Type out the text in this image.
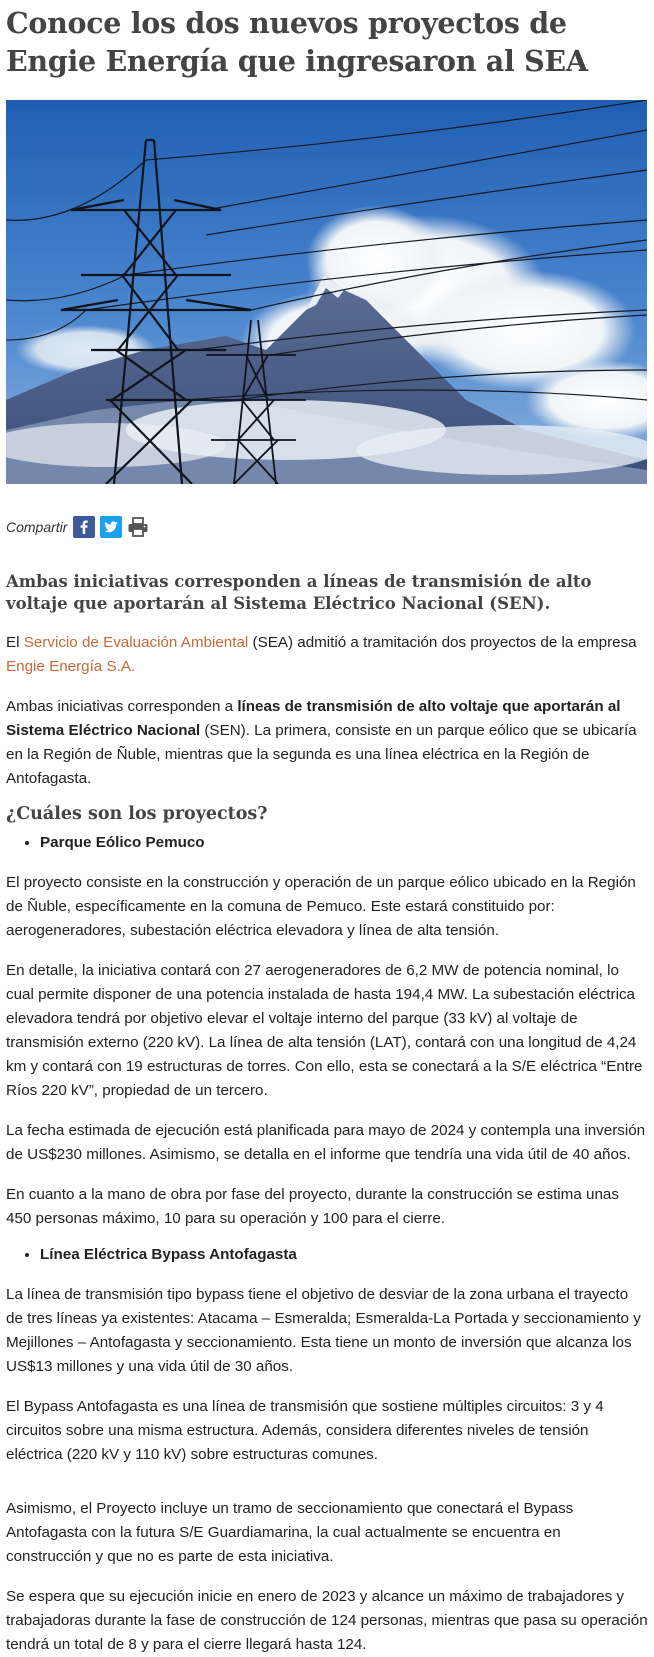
Conoce los dos nuevos proyectos de Engie Energía que ingresaron al SEA
Compartir
Ambas iniciativas corresponden a líneas de transmisión de alto voltaje que aportarán al Sistema Eléctrico Nacional (SEN).

El Servicio de Evaluación Ambiental (SEA) admitió a tramitación dos proyectos de la empresa Engie Energía S.A.

Ambas iniciativas corresponden a líneas de transmisión de alto voltaje que aportarán al Sistema Eléctrico Nacional (SEN). La primera, consiste en un parque eólico que se ubicaría en la Región de Ñuble, mientras que la segunda es una línea eléctrica en la Región de Antofagasta.

¿Cuáles son los proyectos?
• Parque Eólico Pemuco

El proyecto consiste en la construcción y operación de un parque eólico ubicado en la Región de Ñuble, específicamente en la comuna de Pemuco. Este estará constituido por: aerogeneradores, subestación eléctrica elevadora y línea de alta tensión.

En detalle, la iniciativa contará con 27 aerogeneradores de 6,2 MW de potencia nominal, lo cual permite disponer de una potencia instalada de hasta 194,4 MW. La subestación eléctrica elevadora tendrá por objetivo elevar el voltaje interno del parque (33 kV) al voltaje de transmisión externo (220 kV). La línea de alta tensión (LAT), contará con una longitud de 4,24 km y contará con 19 estructuras de torres. Con ello, esta se conectará a la S/E eléctrica “Entre Ríos 220 kV”, propiedad de un tercero.

La fecha estimada de ejecución está planificada para mayo de 2024 y contempla una inversión de US$230 millones. Asimismo, se detalla en el informe que tendría una vida útil de 40 años.

En cuanto a la mano de obra por fase del proyecto, durante la construcción se estima unas 450 personas máximo, 10 para su operación y 100 para el cierre.

• Línea Eléctrica Bypass Antofagasta

La línea de transmisión tipo bypass tiene el objetivo de desviar de la zona urbana el trayecto de tres líneas ya existentes: Atacama – Esmeralda; Esmeralda-La Portada y seccionamiento y Mejillones – Antofagasta y seccionamiento. Esta tiene un monto de inversión que alcanza los US$13 millones y una vida útil de 30 años.

El Bypass Antofagasta es una línea de transmisión que sostiene múltiples circuitos: 3 y 4 circuitos sobre una misma estructura. Además, considera diferentes niveles de tensión eléctrica (220 kV y 110 kV) sobre estructuras comunes.

Asimismo, el Proyecto incluye un tramo de seccionamiento que conectará el Bypass Antofagasta con la futura S/E Guardiamarina, la cual actualmente se encuentra en construcción y que no es parte de esta iniciativa.

Se espera que su ejecución inicie en enero de 2023 y alcance un máximo de trabajadores y trabajadoras durante la fase de construcción de 124 personas, mientras que pasa su operación tendrá un total de 8 y para el cierre llegará hasta 124.
